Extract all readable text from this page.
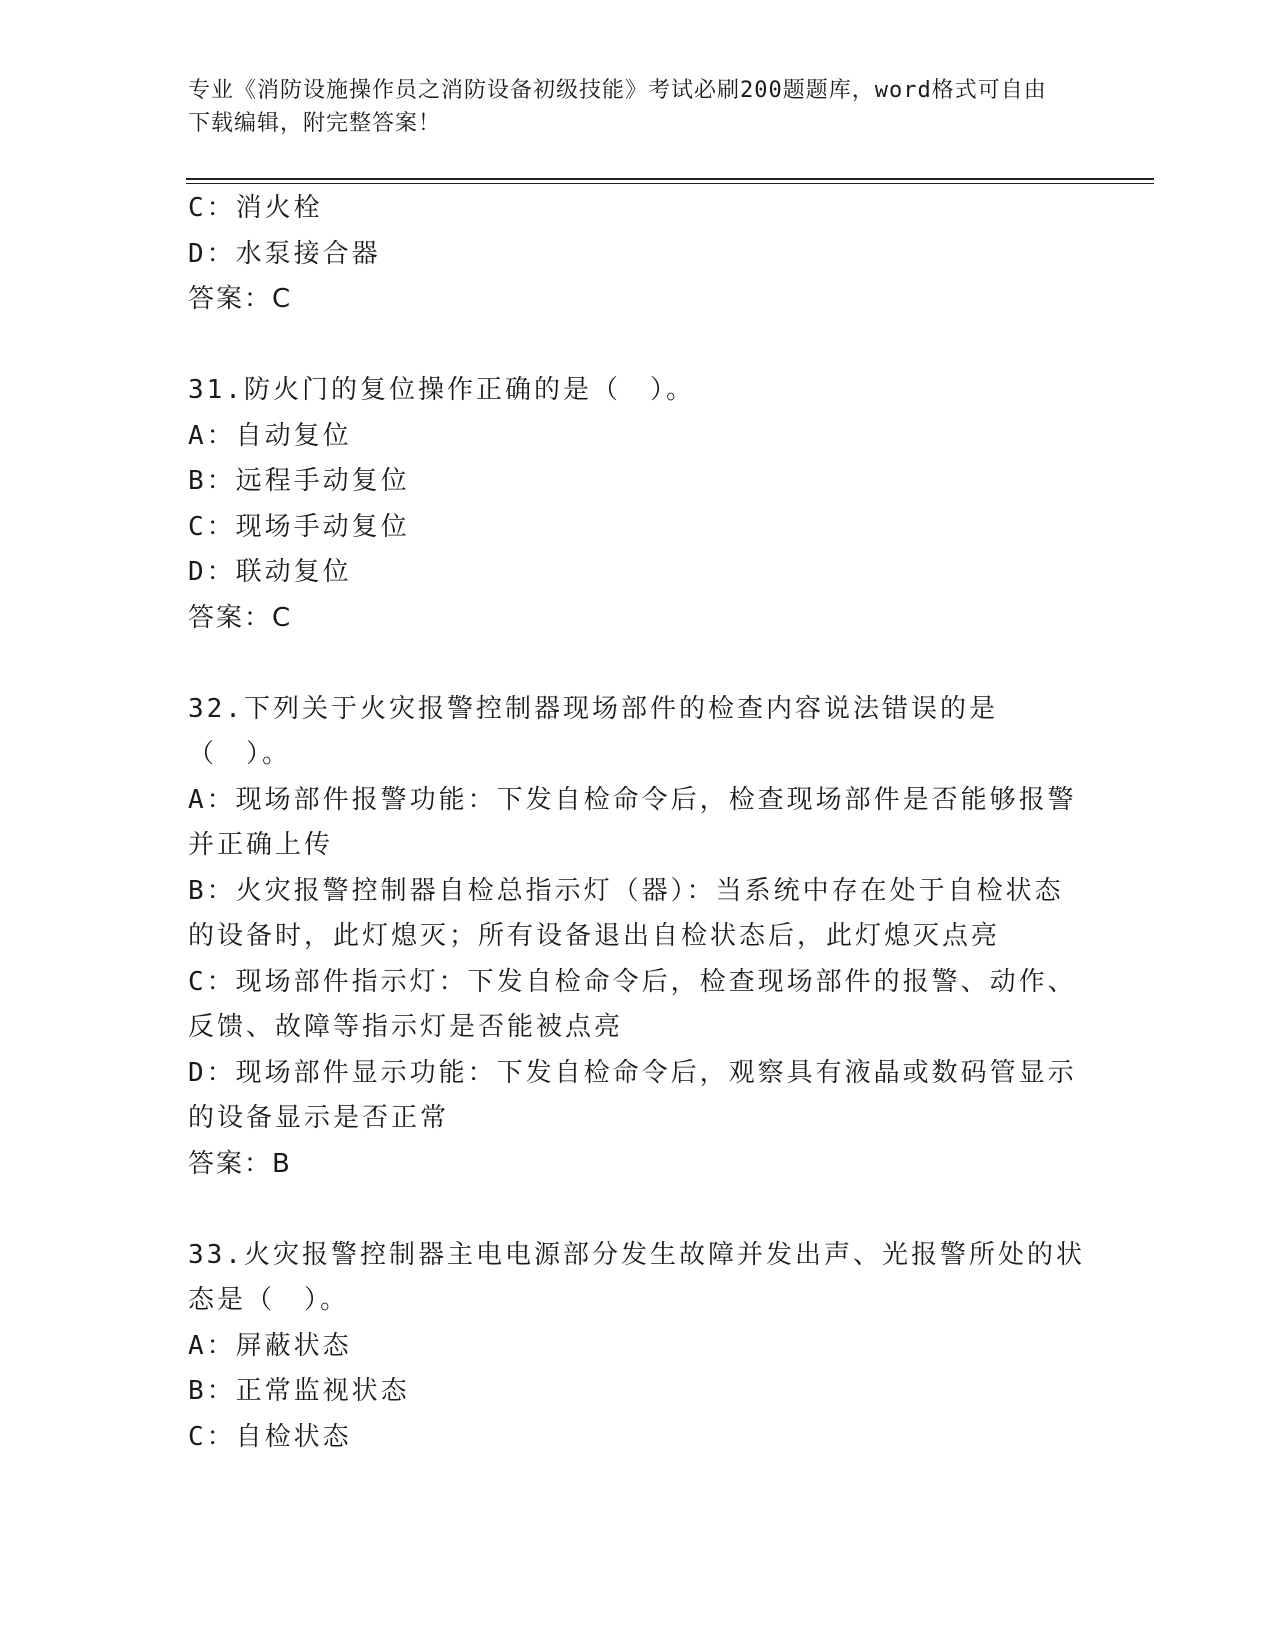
专业《消防设施操作员之消防设备初级技能》考试必刷200题题库，word格式可自由下载编辑，附完整答案！
C：消火栓
D：水泵接合器
答案：C
31.防火门的复位操作正确的是（　）。
A：自动复位
B：远程手动复位
C：现场手动复位
D：联动复位
答案：C
32.下列关于火灾报警控制器现场部件的检查内容说法错误的是（　）。
A：现场部件报警功能：下发自检命令后，检查现场部件是否能够报警并正确上传
B：火灾报警控制器自检总指示灯（器）：当系统中存在处于自检状态的设备时，此灯熄灭；所有设备退出自检状态后，此灯熄灭点亮
C：现场部件指示灯：下发自检命令后，检查现场部件的报警、动作、反馈、故障等指示灯是否能被点亮
D：现场部件显示功能：下发自检命令后，观察具有液晶或数码管显示的设备显示是否正常
答案：B
33.火灾报警控制器主电电源部分发生故障并发出声、光报警所处的状态是（　）。
A：屏蔽状态
B：正常监视状态
C：自检状态
